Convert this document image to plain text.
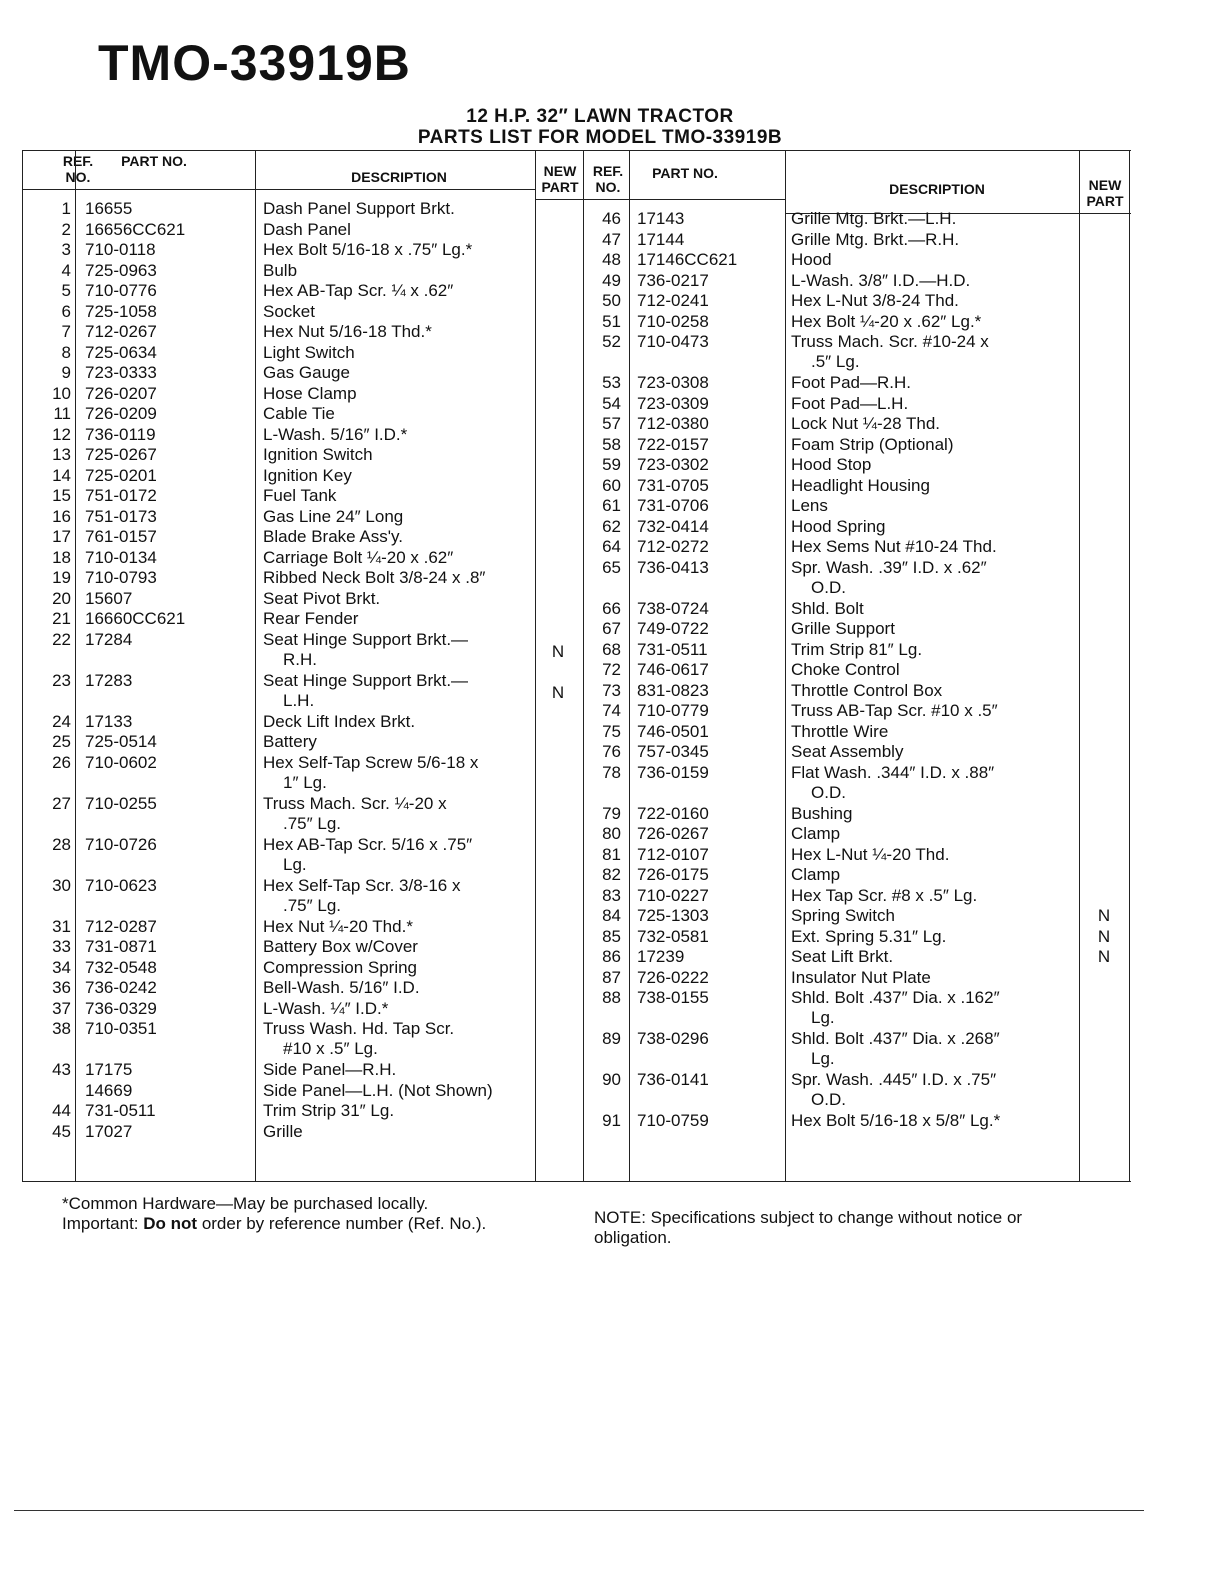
TMO-33919B
12 H.P. 32″ LAWN TRACTOR
PARTS LIST FOR MODEL TMO-33919B
REF. NO.
PART NO.
DESCRIPTION	NEW PART
REF. NO.
PART NO.
DESCRIPTION	NEW PART
1 16655	Dash Panel Support Brkt.
2 16656CC621	Dash Panel
3 710-0118	Hex Bolt 5/16-18 x .75″ Lg.*
4 725-0963	Bulb
5 710-0776	Hex AB-Tap Scr. ¼ x .62″
6 725-1058	Socket
7 712-0267	Hex Nut 5/16-18 Thd.*
8 725-0634	Light Switch
9 723-0333	Gas Gauge
10 726-0207	Hose Clamp
11 726-0209	Cable Tie
12 736-0119	L-Wash. 5/16″ I.D.*
13 725-0267	Ignition Switch
14 725-0201	Ignition Key
15 751-0172	Fuel Tank
16 751-0173	Gas Line 24″ Long
17 761-0157	Blade Brake Ass'y.
18 710-0134	Carriage Bolt ¼-20 x .62″
19 710-0793	Ribbed Neck Bolt 3/8-24 x .8″
20 15607	Seat Pivot Brkt.
21 16660CC621	Rear Fender
22 17284	Seat Hinge Support Brkt.—
R.H.	N
23 17283	Seat Hinge Support Brkt.—
L.H.	N
24 17133	Deck Lift Index Brkt.
25 725-0514	Battery
26 710-0602	Hex Self-Tap Screw 5/6-18 x
1″ Lg.
27 710-0255	Truss Mach. Scr. ¼-20 x
.75″ Lg.
28 710-0726	Hex AB-Tap Scr. 5/16 x .75″
Lg.
30 710-0623	Hex Self-Tap Scr. 3/8-16 x
.75″ Lg.
31 712-0287	Hex Nut ¼-20 Thd.*
33 731-0871	Battery Box w/Cover
34 732-0548	Compression Spring
36 736-0242	Bell-Wash. 5/16″ I.D.
37 736-0329	L-Wash. ¼″ I.D.*
38 710-0351	Truss Wash. Hd. Tap Scr.
#10 x .5″ Lg.
43 17175	Side Panel—R.H.
14669	Side Panel—L.H. (Not Shown)
44 731-0511	Trim Strip 31″ Lg.
45 17027	Grille
46 17143	Grille Mtg. Brkt.—L.H.
47 17144	Grille Mtg. Brkt.—R.H.
48 17146CC621	Hood
49 736-0217	L-Wash. 3/8″ I.D.—H.D.
50 712-0241	Hex L-Nut 3/8-24 Thd.
51 710-0258	Hex Bolt ¼-20 x .62″ Lg.*
52 710-0473	Truss Mach. Scr. #10-24 x
.5″ Lg.
53 723-0308	Foot Pad—R.H.
54 723-0309	Foot Pad—L.H.
57 712-0380	Lock Nut ¼-28 Thd.
58 722-0157	Foam Strip (Optional)
59 723-0302	Hood Stop
60 731-0705	Headlight Housing
61 731-0706	Lens
62 732-0414	Hood Spring
64 712-0272	Hex Sems Nut #10-24 Thd.
65 736-0413	Spr. Wash. .39″ I.D. x .62″
O.D.
66 738-0724	Shld. Bolt
67 749-0722	Grille Support
68 731-0511	Trim Strip 81″ Lg.
72 746-0617	Choke Control
73 831-0823	Throttle Control Box
74 710-0779	Truss AB-Tap Scr. #10 x .5″
75 746-0501	Throttle Wire
76 757-0345	Seat Assembly
78 736-0159	Flat Wash. .344″ I.D. x .88″
O.D.
79 722-0160	Bushing
80 726-0267	Clamp
81 712-0107	Hex L-Nut ¼-20 Thd.
82 726-0175	Clamp
83 710-0227	Hex Tap Scr. #8 x .5″ Lg.
84 725-1303	Spring Switch	N
85 732-0581	Ext. Spring 5.31″ Lg.	N
86 17239	Seat Lift Brkt.	N
87 726-0222	Insulator Nut Plate
88 738-0155	Shld. Bolt .437″ Dia. x .162″
Lg.
89 738-0296	Shld. Bolt .437″ Dia. x .268″
Lg.
90 736-0141	Spr. Wash. .445″ I.D. x .75″
O.D.
91 710-0759	Hex Bolt 5/16-18 x 5/8″ Lg.*
*Common Hardware—May be purchased locally.
Important: Do not order by reference number (Ref. No.).	NOTE: Specifications subject to change without notice or obligation.
